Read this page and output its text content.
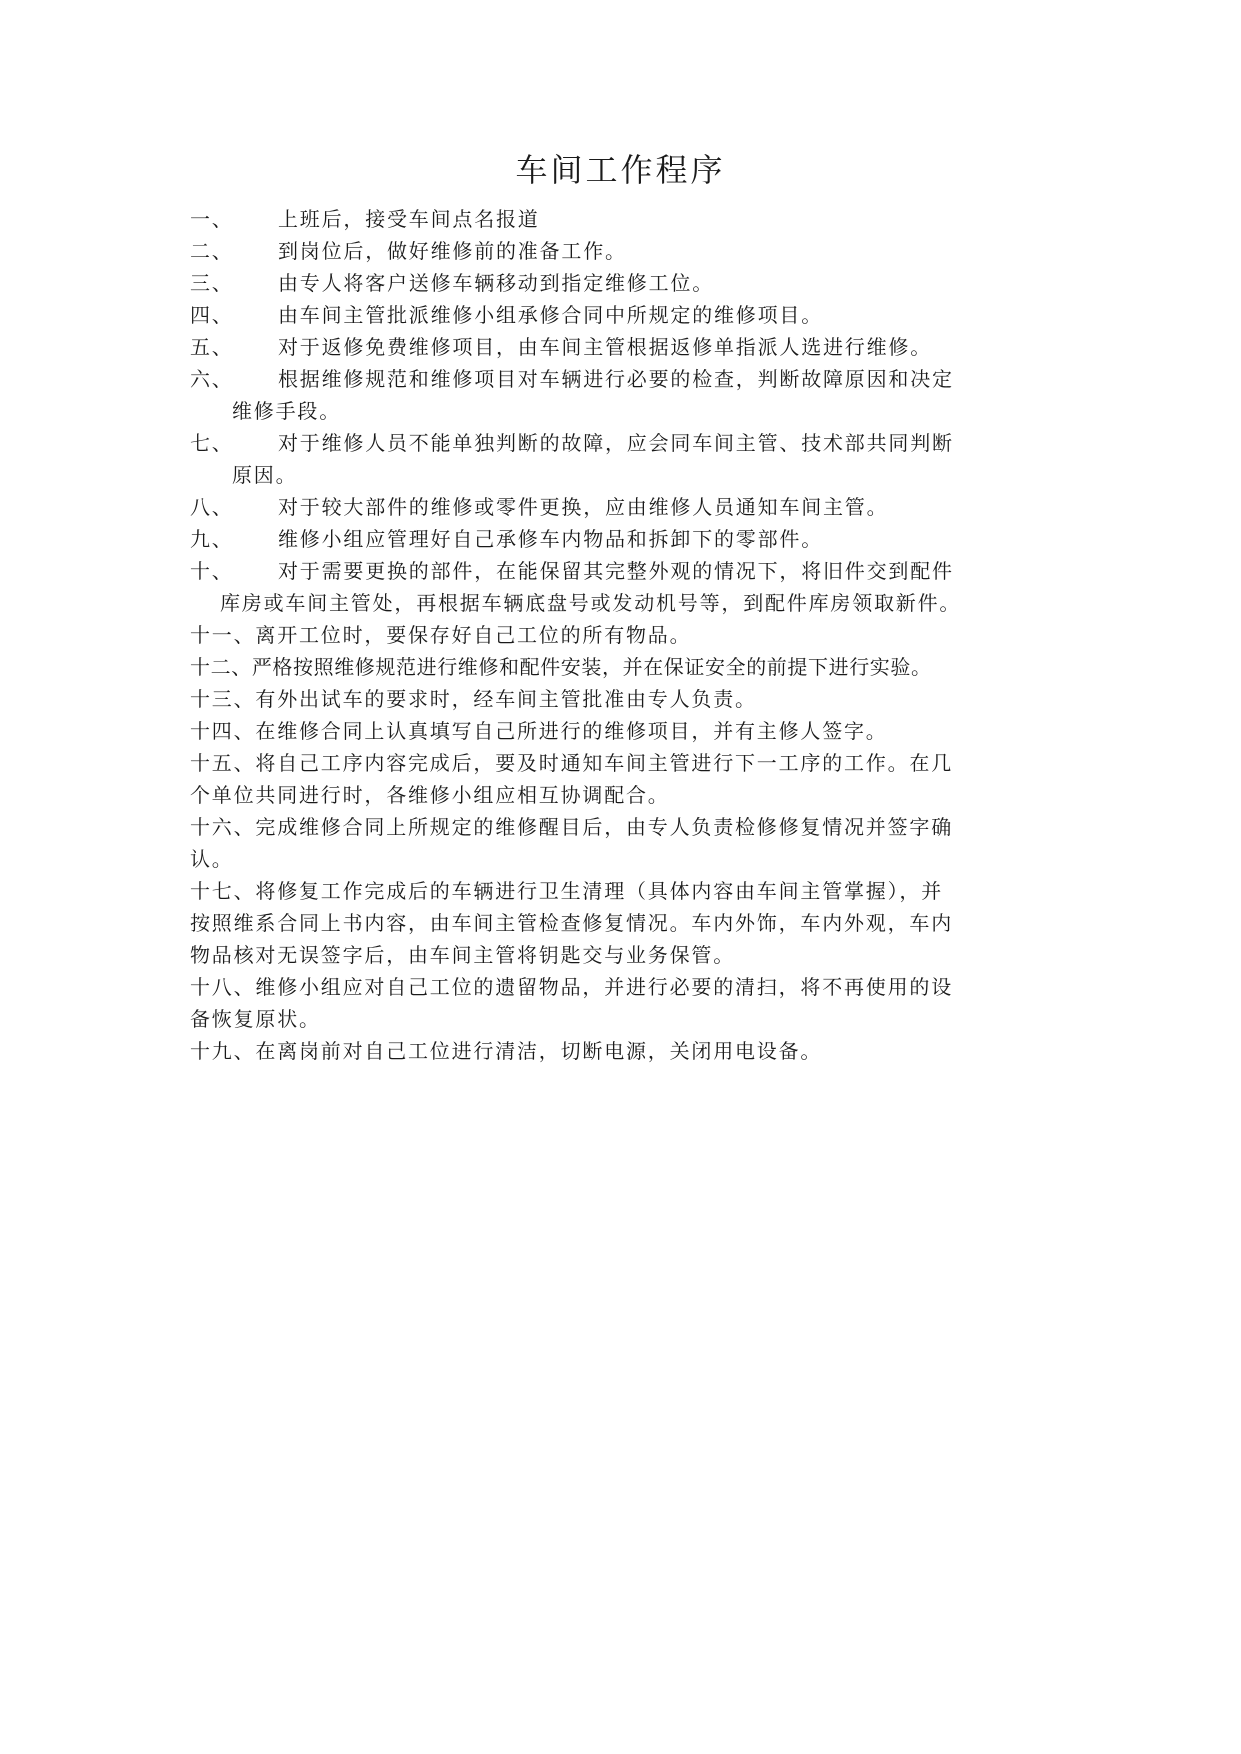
车间工作程序

一、 上班后，接受车间点名报道

二、 到岗位后，做好维修前的准备工作。

三、 由专人将客户送修车辆移动到指定维修工位。

四、 由车间主管批派维修小组承修合同中所规定的维修项目。

五、 对于返修免费维修项目，由车间主管根据返修单指派人选进行维修。

六、 根据维修规范和维修项目对车辆进行必要的检查，判断故障原因和决定
维修手段。

七、 对于维修人员不能单独判断的故障，应会同车间主管、技术部共同判断
原因。

八、 对于较大部件的维修或零件更换，应由维修人员通知车间主管。

九、 维修小组应管理好自己承修车内物品和拆卸下的零部件。

十、 对于需要更换的部件，在能保留其完整外观的情况下，将旧件交到配件
库房或车间主管处，再根据车辆底盘号或发动机号等，到配件库房领取新件。

十一、离开工位时，要保存好自己工位的所有物品。

十二、严格按照维修规范进行维修和配件安装，并在保证安全的前提下进行实验。

十三、有外出试车的要求时，经车间主管批准由专人负责。

十四、在维修合同上认真填写自己所进行的维修项目，并有主修人签字。

十五、将自己工序内容完成后，要及时通知车间主管进行下一工序的工作。在几
个单位共同进行时，各维修小组应相互协调配合。

十六、完成维修合同上所规定的维修醒目后，由专人负责检修修复情况并签字确
认。

十七、将修复工作完成后的车辆进行卫生清理（具体内容由车间主管掌握），并
按照维系合同上书内容，由车间主管检查修复情况。车内外饰，车内外观，车内
物品核对无误签字后，由车间主管将钥匙交与业务保管。

十八、维修小组应对自己工位的遗留物品，并进行必要的清扫，将不再使用的设
备恢复原状。

十九、在离岗前对自己工位进行清洁，切断电源，关闭用电设备。
